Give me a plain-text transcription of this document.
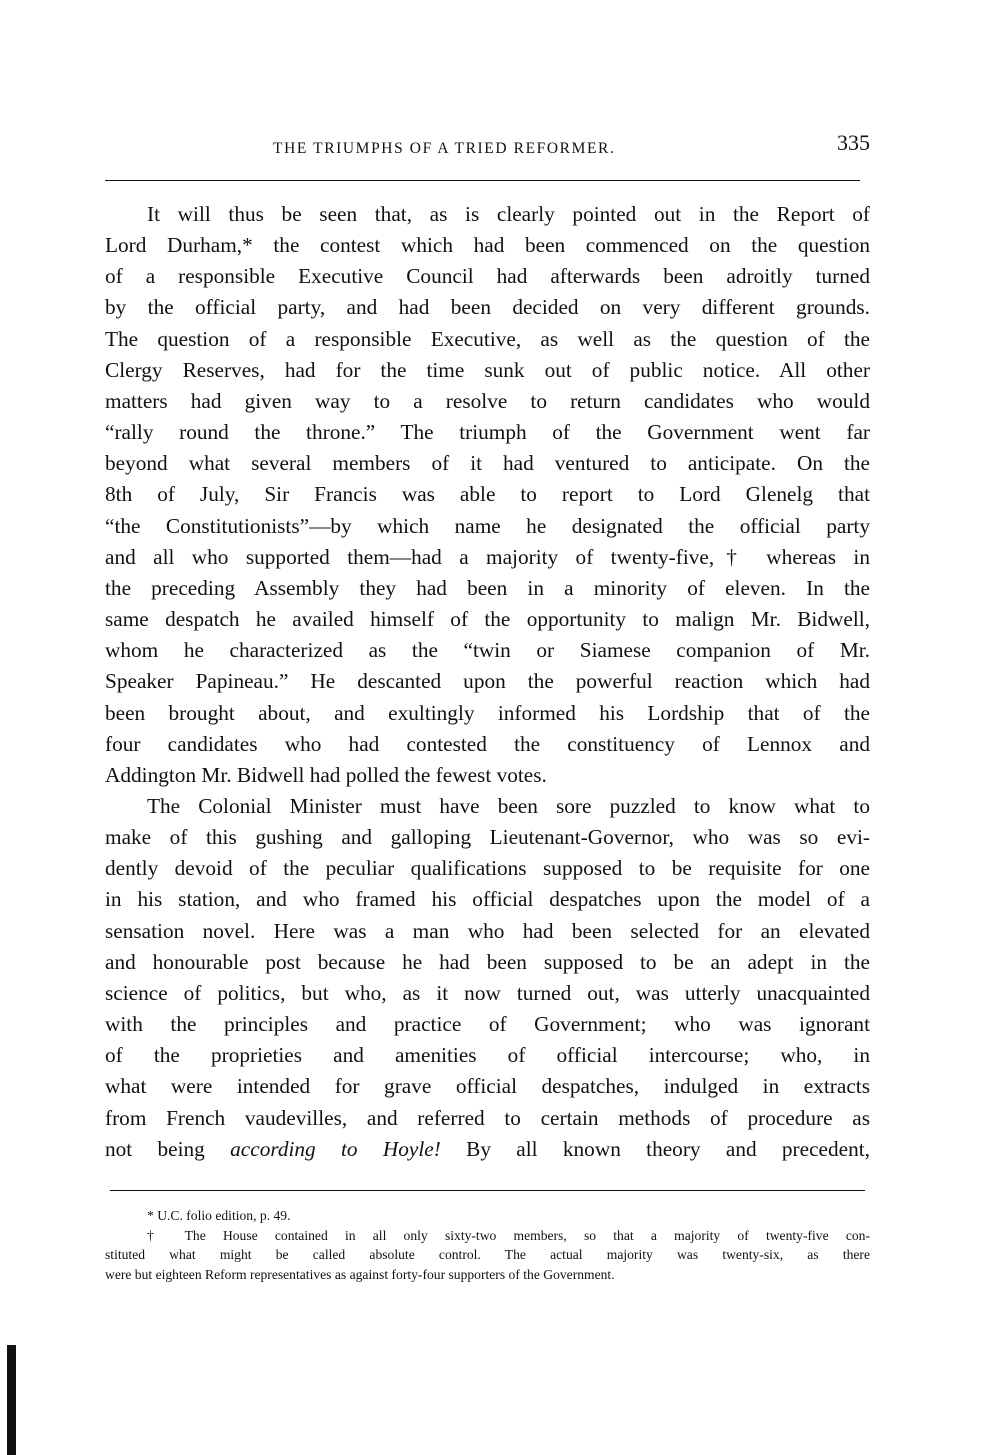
THE TRIUMPHS OF A TRIED REFORMER.	335

It will thus be seen that, as is clearly pointed out in the Report of
Lord Durham,* the contest which had been commenced on the question
of a responsible Executive Council had afterwards been adroitly turned
by the official party, and had been decided on very different grounds.
The question of a responsible Executive, as well as the question of the
Clergy Reserves, had for the time sunk out of public notice. All other
matters had given way to a resolve to return candidates who would
“rally round the throne.” The triumph of the Government went far
beyond what several members of it had ventured to anticipate. On the
8th of July, Sir Francis was able to report to Lord Glenelg that
“the Constitutionists”—by which name he designated the official party
and all who supported them—had a majority of twenty-five,† whereas in
the preceding Assembly they had been in a minority of eleven. In the
same despatch he availed himself of the opportunity to malign Mr. Bidwell,
whom he characterized as the “twin or Siamese companion of Mr.
Speaker Papineau.” He descanted upon the powerful reaction which had
been brought about, and exultingly informed his Lordship that of the
four candidates who had contested the constituency of Lennox and
Addington Mr. Bidwell had polled the fewest votes.

The Colonial Minister must have been sore puzzled to know what to
make of this gushing and galloping Lieutenant-Governor, who was so evi-
dently devoid of the peculiar qualifications supposed to be requisite for one
in his station, and who framed his official despatches upon the model of a
sensation novel. Here was a man who had been selected for an elevated
and honourable post because he had been supposed to be an adept in the
science of politics, but who, as it now turned out, was utterly unacquainted
with the principles and practice of Government; who was ignorant
of the proprieties and amenities of official intercourse; who, in
what were intended for grave official despatches, indulged in extracts
from French vaudevilles, and referred to certain methods of procedure as
not being according to Hoyle! By all known theory and precedent,

* U.C. folio edition, p. 49.
† The House contained in all only sixty-two members, so that a majority of twenty-five con-
stituted what might be called absolute control. The actual majority was twenty-six, as there
were but eighteen Reform representatives as against forty-four supporters of the Government.
